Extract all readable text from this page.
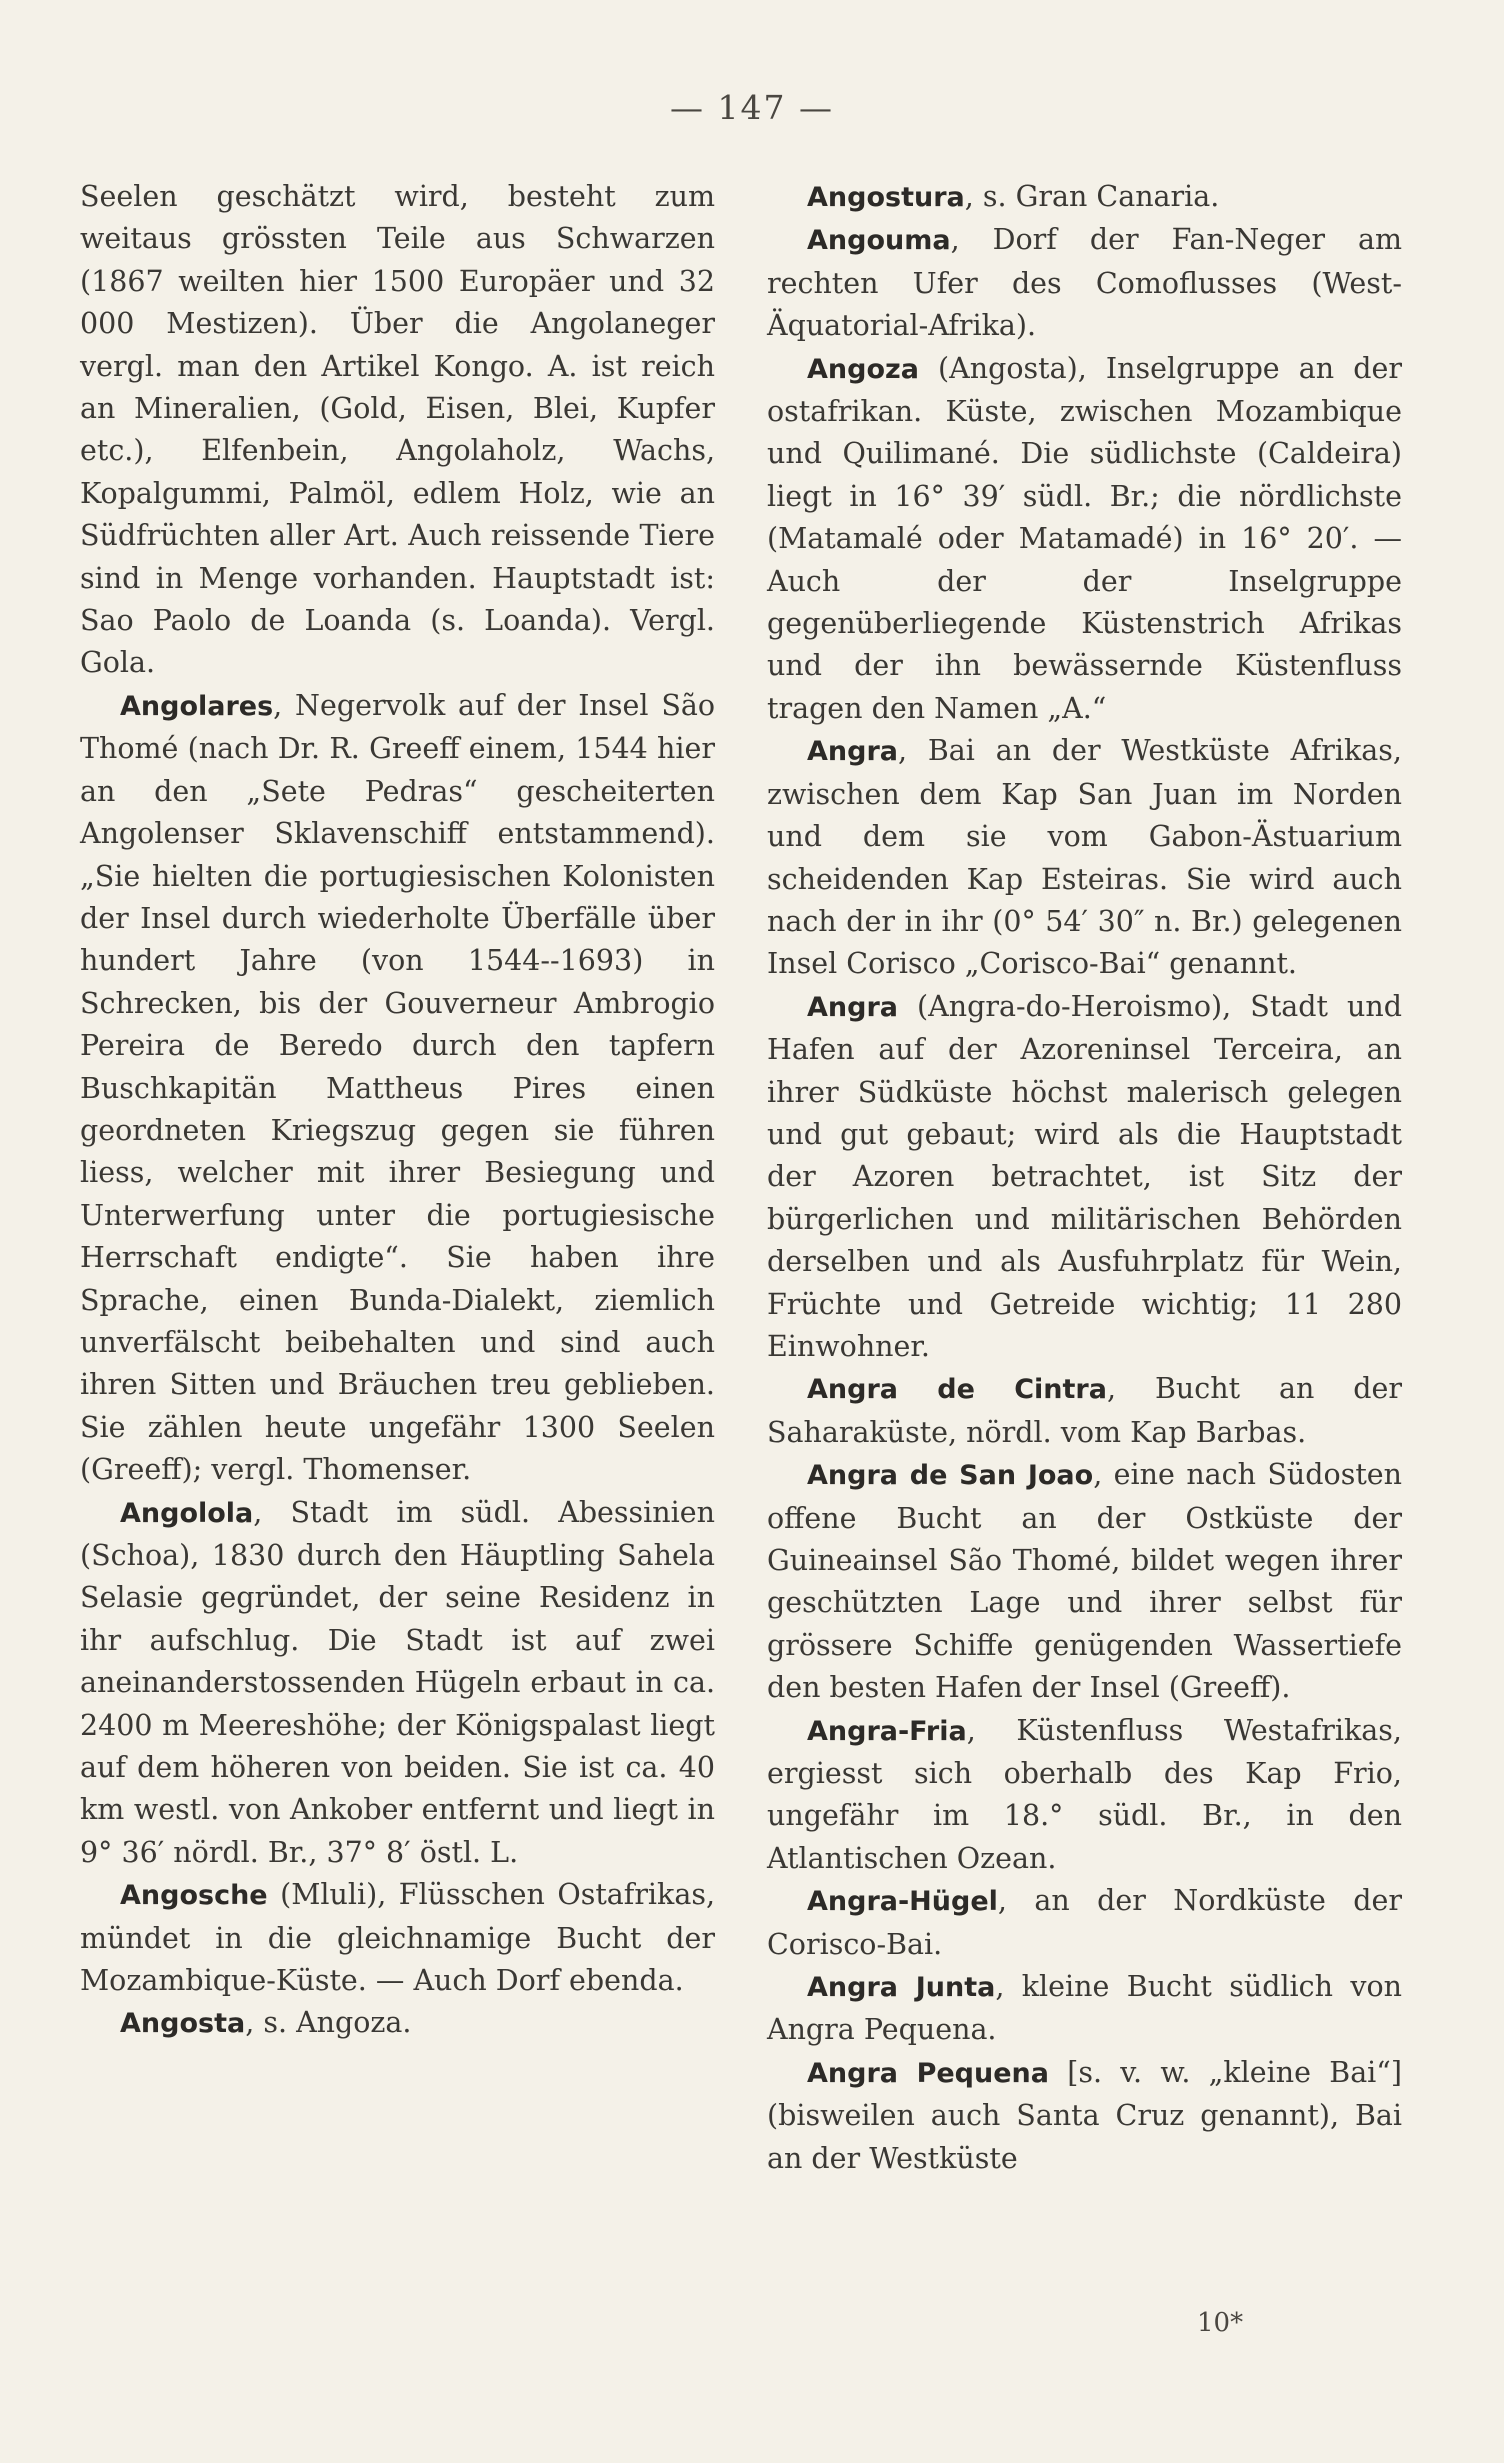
— 147 —

Seelen geschätzt wird, besteht zum weitaus grössten Teile aus Schwarzen (1867 weilten hier 1500 Europäer und 32 000 Mestizen). Über die Angolaneger vergl. man den Artikel Kongo. A. ist reich an Mineralien, (Gold, Eisen, Blei, Kupfer etc.), Elfenbein, Angolaholz, Wachs, Kopalgummi, Palmöl, edlem Holz, wie an Südfrüchten aller Art. Auch reissende Tiere sind in Menge vorhanden. Hauptstadt ist: Sao Paolo de Loanda (s. Loanda). Vergl. Gola.

Angolares, Negervolk auf der Insel São Thomé (nach Dr. R. Greeff einem, 1544 hier an den „Sete Pedras“ gescheiterten Angolenser Sklavenschiff entstammend). „Sie hielten die portugiesischen Kolonisten der Insel durch wiederholte Überfälle über hundert Jahre (von 1544--1693) in Schrecken, bis der Gouverneur Ambrogio Pereira de Beredo durch den tapfern Buschkapitän Mattheus Pires einen geordneten Kriegszug gegen sie führen liess, welcher mit ihrer Besiegung und Unterwerfung unter die portugiesische Herrschaft endigte“. Sie haben ihre Sprache, einen Bunda-Dialekt, ziemlich unverfälscht beibehalten und sind auch ihren Sitten und Bräuchen treu geblieben. Sie zählen heute ungefähr 1300 Seelen (Greeff); vergl. Thomenser.

Angolola, Stadt im südl. Abessinien (Schoa), 1830 durch den Häuptling Sahela Selasie gegründet, der seine Residenz in ihr aufschlug. Die Stadt ist auf zwei aneinanderstossenden Hügeln erbaut in ca. 2400 m Meereshöhe; der Königspalast liegt auf dem höheren von beiden. Sie ist ca. 40 km westl. von Ankober entfernt und liegt in 9° 36′ nördl. Br., 37° 8′ östl. L.

Angosche (Mluli), Flüsschen Ostafrikas, mündet in die gleichnamige Bucht der Mozambique-Küste. — Auch Dorf ebenda.

Angosta, s. Angoza.

Angostura, s. Gran Canaria.

Angouma, Dorf der Fan-Neger am rechten Ufer des Comoflusses (West-Äquatorial-Afrika).

Angoza (Angosta), Inselgruppe an der ostafrikan. Küste, zwischen Mozambique und Quilimané. Die südlichste (Caldeira) liegt in 16° 39′ südl. Br.; die nördlichste (Matamalé oder Matamadé) in 16° 20′. — Auch der der Inselgruppe gegenüberliegende Küstenstrich Afrikas und der ihn bewässernde Küstenfluss tragen den Namen „A.“

Angra, Bai an der Westküste Afrikas, zwischen dem Kap San Juan im Norden und dem sie vom Gabon-Ästuarium scheidenden Kap Esteiras. Sie wird auch nach der in ihr (0° 54′ 30″ n. Br.) gelegenen Insel Corisco „Corisco-Bai“ genannt.

Angra (Angra-do-Heroismo), Stadt und Hafen auf der Azoreninsel Terceira, an ihrer Südküste höchst malerisch gelegen und gut gebaut; wird als die Hauptstadt der Azoren betrachtet, ist Sitz der bürgerlichen und militärischen Behörden derselben und als Ausfuhrplatz für Wein, Früchte und Getreide wichtig; 11 280 Einwohner.

Angra de Cintra, Bucht an der Saharaküste, nördl. vom Kap Barbas.

Angra de San Joao, eine nach Südosten offene Bucht an der Ostküste der Guineainsel São Thomé, bildet wegen ihrer geschützten Lage und ihrer selbst für grössere Schiffe genügenden Wassertiefe den besten Hafen der Insel (Greeff).

Angra-Fria, Küstenfluss Westafrikas, ergiesst sich oberhalb des Kap Frio, ungefähr im 18.° südl. Br., in den Atlantischen Ozean.

Angra-Hügel, an der Nordküste der Corisco-Bai.

Angra Junta, kleine Bucht südlich von Angra Pequena.

Angra Pequena [s. v. w. „kleine Bai“] (bisweilen auch Santa Cruz genannt), Bai an der Westküste

10*
